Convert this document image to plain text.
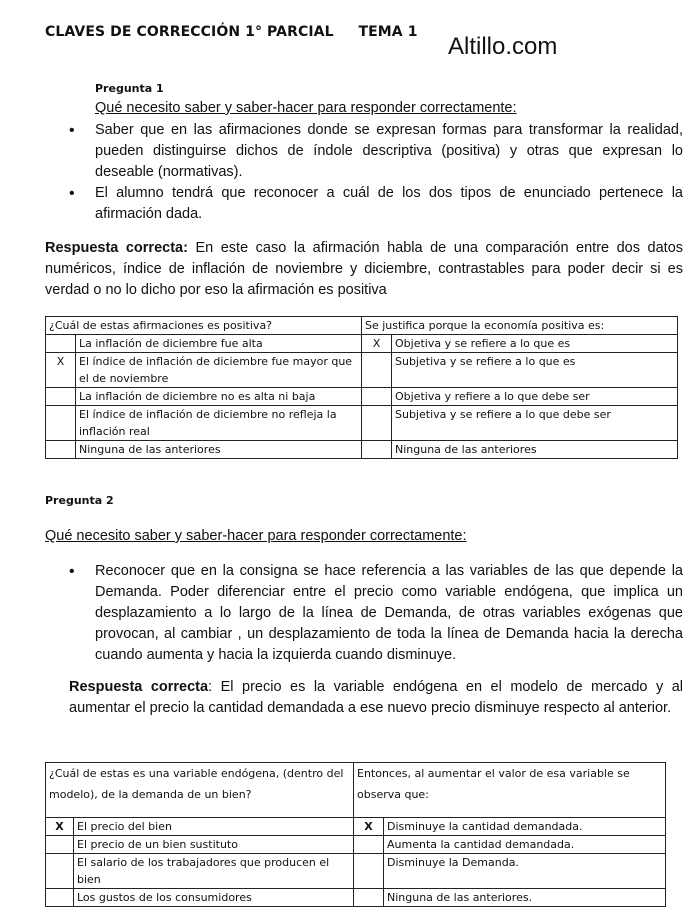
CLAVES DE CORRECCIÓN 1° PARCIAL     TEMA 1
Altillo.com
Pregunta 1
Qué necesito saber y saber-hacer para responder correctamente:
• Saber que en las afirmaciones donde se expresan formas para transformar la realidad, pueden distinguirse dichos de índole descriptiva (positiva) y otras que expresan lo deseable (normativas).
• El alumno tendrá que reconocer a cuál de los dos tipos de enunciado pertenece la afirmación dada.
Respuesta correcta: En este caso la afirmación habla de una comparación entre dos datos numéricos, índice de inflación de noviembre y diciembre, contrastables para poder decir si es verdad o no lo dicho por eso la afirmación es positiva
¿Cuál de estas afirmaciones es positiva?		Se justifica porque la economía positiva es:	
	La inflación de diciembre fue alta	X	Objetiva y se refiere a lo que es
X	El índice de inflación de diciembre fue mayor que el de noviembre		Subjetiva y se refiere a lo que es
	La inflación de diciembre no es alta ni baja		Objetiva y refiere a lo que debe ser
	El índice de inflación de diciembre no refleja la inflación real		Subjetiva y se refiere a lo que debe ser
	Ninguna de las anteriores		Ninguna de las anteriores
Pregunta 2
Qué necesito saber y saber-hacer para responder correctamente:
• Reconocer que en la consigna se hace referencia a las variables de las que depende la Demanda. Poder diferenciar entre el precio como variable endógena, que implica un desplazamiento a lo largo de la línea de Demanda, de otras variables exógenas que provocan, al cambiar , un desplazamiento de toda la línea de Demanda hacia la derecha cuando aumenta y hacia la izquierda cuando disminuye.
Respuesta correcta: El precio es la variable endógena en el modelo de mercado y al aumentar el precio la cantidad demandada a ese nuevo precio disminuye respecto al anterior.
¿Cuál de estas es una variable endógena, (dentro del modelo), de la demanda de un bien?		Entonces, al aumentar el valor de esa variable se observa que:	
X	El precio del bien	X	Disminuye la cantidad demandada.
	El precio de un bien sustituto		Aumenta la cantidad demandada.
	El salario de los trabajadores que producen el bien		Disminuye la Demanda.
	Los gustos de los consumidores		Ninguna de las anteriores.
